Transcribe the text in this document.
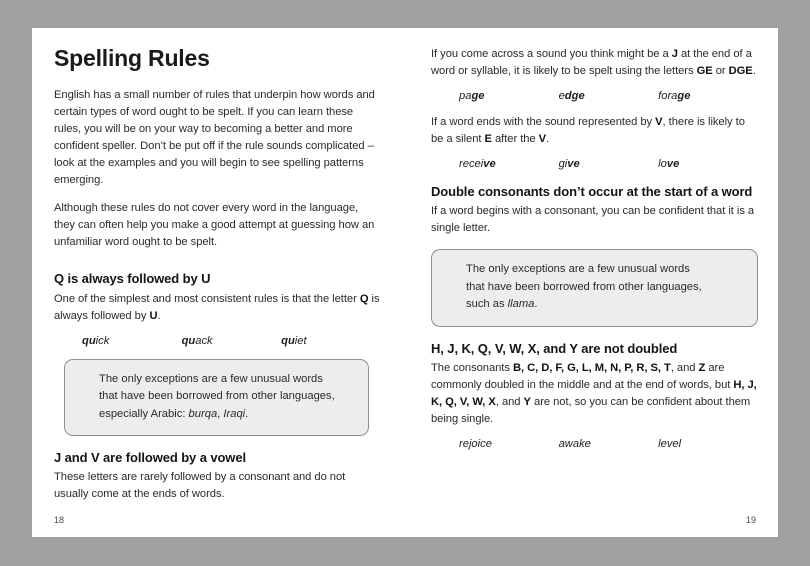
Spelling Rules

English has a small number of rules that underpin how words and certain types of word ought to be spelt. If you can learn these rules, you will be on your way to becoming a better and more confident speller. Don’t be put off if the rule sounds complicated – look at the examples and you will begin to see spelling patterns emerging.

Although these rules do not cover every word in the language, they can often help you make a good attempt at guessing how an unfamiliar word ought to be spelt.

Q is always followed by U

One of the simplest and most consistent rules is that the letter Q is always followed by U.

quick	quack	quiet

The only exceptions are a few unusual words

that have been borrowed from other languages,

especially Arabic: burqa, Iraqi.

J and V are followed by a vowel

These letters are rarely followed by a consonant and do not usually come at the ends of words.

18

If you come across a sound you think might be a J at the end of a word or syllable, it is likely to be spelt using the letters GE or DGE.

page	edge	forage

If a word ends with the sound represented by V, there is likely to be a silent E after the V.

receive	give	love
Double consonants don’t occur at the start of a word

If a word begins with a consonant, you can be confident that it is a single letter.

The only exceptions are a few unusual words

that have been borrowed from other languages,

such as llama.

H, J, K, Q, V, W, X, and Y are not doubled

The consonants B, C, D, F, G, L, M, N, P, R, S, T, and Z are commonly doubled in the middle and at the end of words, but H, J, K, Q, V, W, X, and Y are not, so you can be confident about them being single.

rejoice	awake	level
19
